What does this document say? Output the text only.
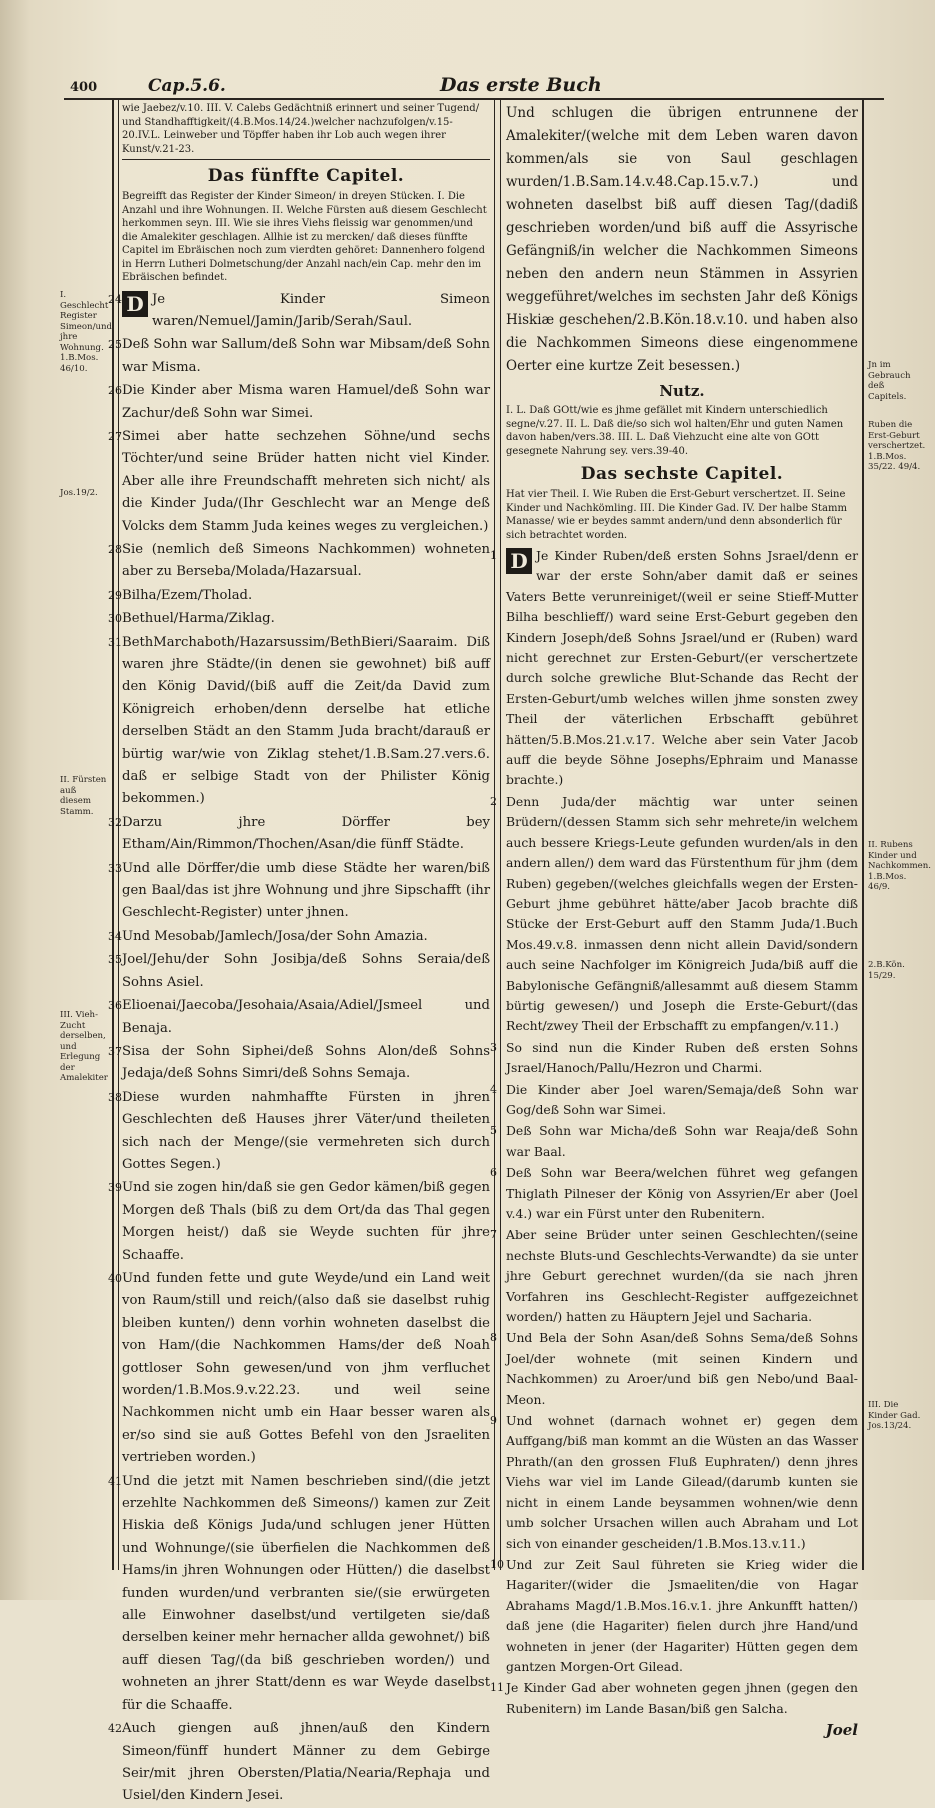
400	Cap.5.6.	Das erste Buch
I. Geschlecht Register Simeon/und jhre Wohnung. 1.B.Mos. 46/10.
Jos.19/2.
II. Fürsten auß diesem Stamm.
III. Vieh-Zucht derselben, und Erlegung der Amalekiter
Jn im Gebrauch deß Capitels.
Ruben die Erst-Geburt verschertzet. 1.B.Mos. 35/22. 49/4.
II. Rubens Kinder und Nachkommen. 1.B.Mos. 46/9.
2.B.Kön. 15/29.
III. Die Kinder Gad. Jos.13/24.

wie Jaebez/v.10. III. V. Calebs Gedächtniß erinnert und seiner Tugend/ und Standhafftigkeit/(4.B.Mos.14/24.)welcher nachzufolgen/v.15-20.IV.L. Leinweber und Töpffer haben ihr Lob auch wegen ihrer Kunst/v.21-23.

Das fünffte Capitel.

Begreifft das Register der Kinder Simeon/ in dreyen Stücken. I. Die Anzahl und ihre Wohnungen. II. Welche Fürsten auß diesem Geschlecht herkommen seyn. III. Wie sie ihres Viehs fleissig war genommen/und die Amalekiter geschlagen. Allhie ist zu mercken/ daß dieses fünffte Capitel im Ebräischen noch zum vierdten gehöret: Dannenhero folgend in Herrn Lutheri Dolmetschung/der Anzahl nach/ein Cap. mehr den im Ebräischen befindet.

24 D Je Kinder Simeon waren/Nemuel/Jamin/Jarib/Serah/Saul.
25 Deß Sohn war Sallum/deß Sohn war Mibsam/deß Sohn war Misma.
26 Die Kinder aber Misma waren Hamuel/deß Sohn war Zachur/deß Sohn war Simei.
27 Simei aber hatte sechzehen Söhne/und sechs Töchter/und seine Brüder hatten nicht viel Kinder. Aber alle ihre Freundschafft mehreten sich nicht/ als die Kinder Juda/(Ihr Geschlecht war an Menge deß Volcks dem Stamm Juda keines weges zu vergleichen.)
28 Sie (nemlich deß Simeons Nachkommen) wohneten aber zu Berseba/Molada/Hazarsual.
29 Bilha/Ezem/Tholad.
30 Bethuel/Harma/Ziklag.
31 BethMarchaboth/Hazarsussim/BethBieri/Saaraim. Diß waren jhre Städte/(in denen sie gewohnet) biß auff den König David/(biß auff die Zeit/da David zum Königreich erhoben/denn derselbe hat etliche derselben Städt an den Stamm Juda bracht/darauß er bürtig war/wie von Ziklag stehet/1.B.Sam.27.vers.6. daß er selbige Stadt von der Philister König bekommen.)
32 Darzu jhre Dörffer bey Etham/Ain/Rimmon/Thochen/Asan/die fünff Städte.
33 Und alle Dörffer/die umb diese Städte her waren/biß gen Baal/das ist jhre Wohnung und jhre Sipschafft (ihr Geschlecht-Register) unter jhnen.
34 Und Mesobab/Jamlech/Josa/der Sohn Amazia.
35 Joel/Jehu/der Sohn Josibja/deß Sohns Seraia/deß Sohns Asiel.
36 Elioenai/Jaecoba/Jesohaia/Asaia/Adiel/Jsmeel und Benaja.
37 Sisa der Sohn Siphei/deß Sohns Alon/deß Sohns Jedaja/deß Sohns Simri/deß Sohns Semaja.
38 Diese wurden nahmhaffte Fürsten in jhren Geschlechten deß Hauses jhrer Väter/und theileten sich nach der Menge/(sie vermehreten sich durch Gottes Segen.)
39 Und sie zogen hin/daß sie gen Gedor kämen/biß gegen Morgen deß Thals (biß zu dem Ort/da das Thal gegen Morgen heist/) daß sie Weyde suchten für jhre Schaaffe.
40 Und funden fette und gute Weyde/und ein Land weit von Raum/still und reich/(also daß sie daselbst ruhig bleiben kunten/) denn vorhin wohneten daselbst die von Ham/(die Nachkommen Hams/der deß Noah gottloser Sohn gewesen/und von jhm verfluchet worden/1.B.Mos.9.v.22.23. und weil seine Nachkommen nicht umb ein Haar besser waren als er/so sind sie auß Gottes Befehl von den Jsraeliten vertrieben worden.)
41 Und die jetzt mit Namen beschrieben sind/(die jetzt erzehlte Nachkommen deß Simeons/) kamen zur Zeit Hiskia deß Königs Juda/und schlugen jener Hütten und Wohnunge/(sie überfielen die Nachkommen deß Hams/in jhren Wohnungen oder Hütten/) die daselbst funden wurden/und verbranten sie/(sie erwürgeten alle Einwohner daselbst/und vertilgeten sie/daß derselben keiner mehr hernacher allda gewohnet/) biß auff diesen Tag/(da biß geschrieben worden/) und wohneten an jhrer Statt/denn es war Weyde daselbst für die Schaaffe.
42 Auch giengen auß jhnen/auß den Kindern Simeon/fünff hundert Männer zu dem Gebirge Seir/mit jhren Obersten/Platia/Nearia/Rephaja und Usiel/den Kindern Jesei.
Und schlugen die übrigen entrunnene der Amalekiter/(welche mit dem Leben waren davon kommen/als sie von Saul geschlagen wurden/1.B.Sam.14.v.48.Cap.15.v.7.) und wohneten daselbst biß auff diesen Tag/(dadiß geschrieben worden/und biß auff die Assyrische Gefängniß/in welcher die Nachkommen Simeons neben den andern neun Stämmen in Assyrien weggeführet/welches im sechsten Jahr deß Königs Hiskiæ geschehen/2.B.Kön.18.v.10. und haben also die Nachkommen Simeons diese eingenommene Oerter eine kurtze Zeit besessen.)
Nutz.

I. L. Daß GOtt/wie es jhme gefället mit Kindern unterschiedlich segne/v.27. II. L. Daß die/so sich wol halten/Ehr und guten Namen davon haben/vers.38. III. L. Daß Viehzucht eine alte von GOtt gesegnete Nahrung sey. vers.39-40.

Das sechste Capitel.

Hat vier Theil. I. Wie Ruben die Erst-Geburt verschertzet. II. Seine Kinder und Nachkömling. III. Die Kinder Gad. IV. Der halbe Stamm Manasse/ wie er beydes sammt andern/und denn absonderlich für sich betrachtet worden.

1 D Je Kinder Ruben/deß ersten Sohns Jsrael/denn er war der erste Sohn/aber damit daß er seines Vaters Bette verunreiniget/(weil er seine Stieff-Mutter Bilha beschlieff/) ward seine Erst-Geburt gegeben den Kindern Joseph/deß Sohns Jsrael/und er (Ruben) ward nicht gerechnet zur Ersten-Geburt/(er verschertzete durch solche grewliche Blut-Schande das Recht der Ersten-Geburt/umb welches willen jhme sonsten zwey Theil der väterlichen Erbschafft gebühret hätten/5.B.Mos.21.v.17. Welche aber sein Vater Jacob auff die beyde Söhne Josephs/Ephraim und Manasse brachte.)
2 Denn Juda/der mächtig war unter seinen Brüdern/(dessen Stamm sich sehr mehrete/in welchem auch bessere Kriegs-Leute gefunden wurden/als in den andern allen/) dem ward das Fürstenthum für jhm (dem Ruben) gegeben/(welches gleichfalls wegen der Ersten-Geburt jhme gebühret hätte/aber Jacob brachte diß Stücke der Erst-Geburt auff den Stamm Juda/1.Buch Mos.49.v.8. inmassen denn nicht allein David/sondern auch seine Nachfolger im Königreich Juda/biß auff die Babylonische Gefängniß/allesammt auß diesem Stamm bürtig gewesen/) und Joseph die Erste-Geburt/(das Recht/zwey Theil der Erbschafft zu empfangen/v.11.)
3 So sind nun die Kinder Ruben deß ersten Sohns Jsrael/Hanoch/Pallu/Hezron und Charmi.
4 Die Kinder aber Joel waren/Semaja/deß Sohn war Gog/deß Sohn war Simei.
5 Deß Sohn war Micha/deß Sohn war Reaja/deß Sohn war Baal.
6 Deß Sohn war Beera/welchen führet weg gefangen Thiglath Pilneser der König von Assyrien/Er aber (Joel v.4.) war ein Fürst unter den Rubenitern.
7 Aber seine Brüder unter seinen Geschlechten/(seine nechste Bluts-und Geschlechts-Verwandte) da sie unter jhre Geburt gerechnet wurden/(da sie nach jhren Vorfahren ins Geschlecht-Register auffgezeichnet worden/) hatten zu Häuptern Jejel und Sacharia.
8 Und Bela der Sohn Asan/deß Sohns Sema/deß Sohns Joel/der wohnete (mit seinen Kindern und Nachkommen) zu Aroer/und biß gen Nebo/und Baal-Meon.
9 Und wohnet (darnach wohnet er) gegen dem Auffgang/biß man kommt an die Wüsten an das Wasser Phrath/(an den grossen Fluß Euphraten/) denn jhres Viehs war viel im Lande Gilead/(darumb kunten sie nicht in einem Lande beysammen wohnen/wie denn umb solcher Ursachen willen auch Abraham und Lot sich von einander gescheiden/1.B.Mos.13.v.11.)
10 Und zur Zeit Saul führeten sie Krieg wider die Hagariter/(wider die Jsmaeliten/die von Hagar Abrahams Magd/1.B.Mos.16.v.1. jhre Ankunfft hatten/) daß jene (die Hagariter) fielen durch jhre Hand/und wohneten in jener (der Hagariter) Hütten gegen dem gantzen Morgen-Ort Gilead.
11 Je Kinder Gad aber wohneten gegen jhnen (gegen den Rubenitern) im Lande Basan/biß gen Salcha.
Joel
